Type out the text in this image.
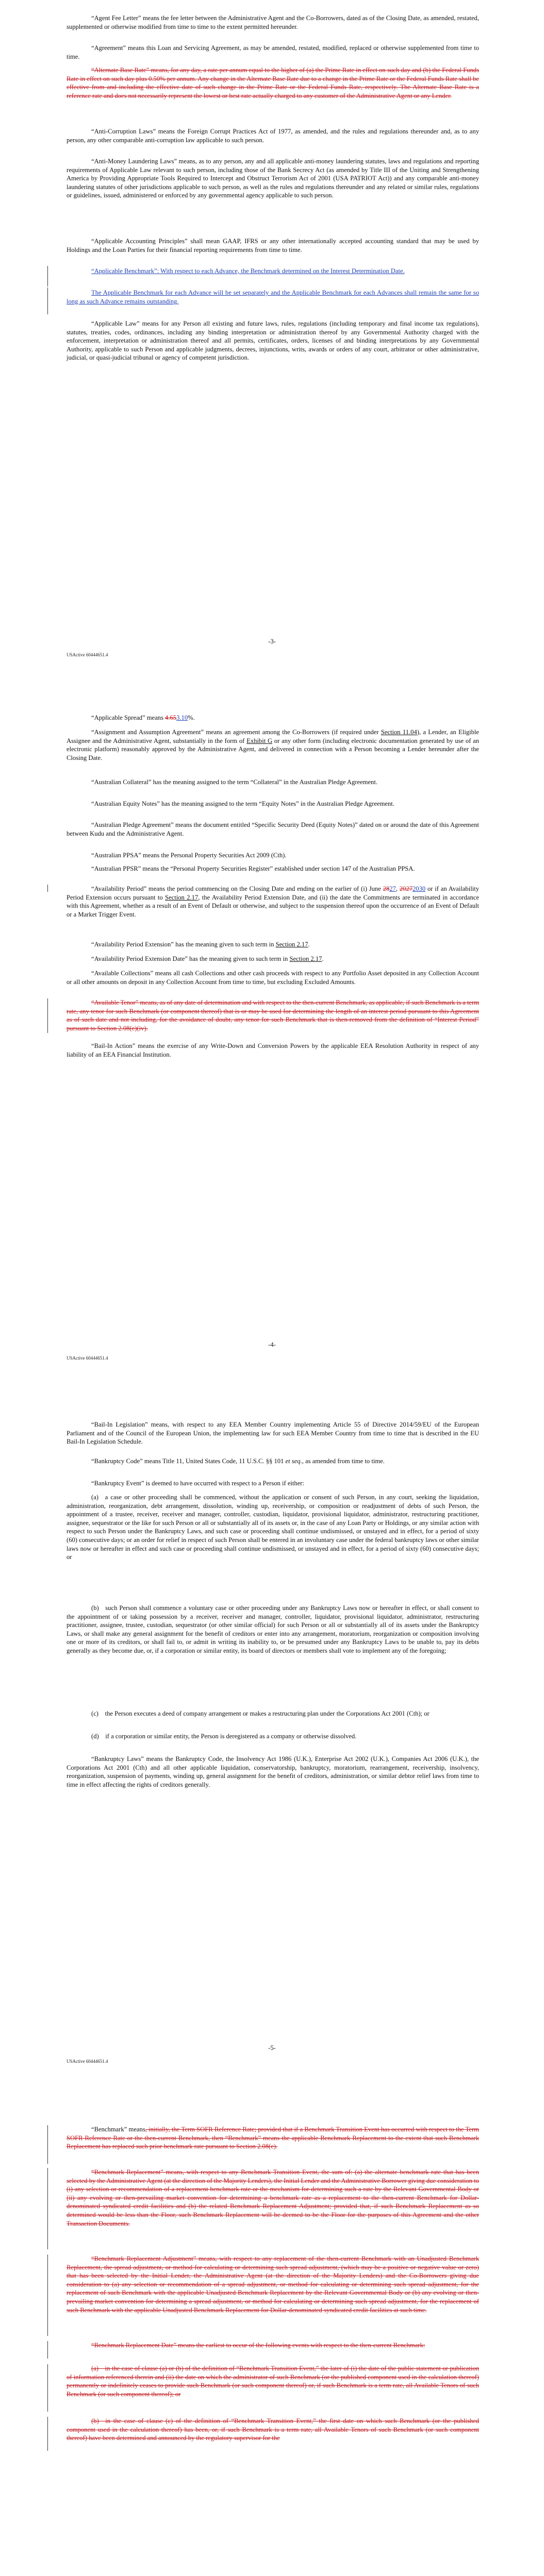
“Agent Fee Letter” means the fee letter between the Administrative Agent and the Co-Borrowers, dated as of the Closing Date, as amended, restated, supplemented or otherwise modified from time to time to the extent permitted hereunder.

“Agreement” means this Loan and Servicing Agreement, as may be amended, restated, modified, replaced or otherwise supplemented from time to time.

“Alternate Base Rate” means, for any day, a rate per annum equal to the higher of (a) the Prime Rate in effect on such day and (b) the Federal Funds Rate in effect on such day plus 0.50% per annum. Any change in the Alternate Base Rate due to a change in the Prime Rate or the Federal Funds Rate shall be effective from and including the effective date of such change in the Prime Rate or the Federal Funds Rate, respectively. The Alternate Base Rate is a reference rate and does not necessarily represent the lowest or best rate actually charged to any customer of the Administrative Agent or any Lender.

“Anti-Corruption Laws” means the Foreign Corrupt Practices Act of 1977, as amended, and the rules and regulations thereunder and, as to any person, any other comparable anti-corruption law applicable to such person.

“Anti-Money Laundering Laws” means, as to any person, any and all applicable anti-money laundering statutes, laws and regulations and reporting requirements of Applicable Law relevant to such person, including those of the Bank Secrecy Act (as amended by Title III of the Uniting and Strengthening America by Providing Appropriate Tools Required to Intercept and Obstruct Terrorism Act of 2001 (USA PATRIOT Act)) and any comparable anti-money laundering statutes of other jurisdictions applicable to such person, as well as the rules and regulations thereunder and any related or similar rules, regulations or guidelines, issued, administered or enforced by any governmental agency applicable to such person.

“Applicable Accounting Principles” shall mean GAAP, IFRS or any other internationally accepted accounting standard that may be used by Holdings and the Loan Parties for their financial reporting requirements from time to time.

“Applicable Benchmark”: With respect to each Advance, the Benchmark determined on the Interest Determination Date.

The Applicable Benchmark for each Advance will be set separately and the Applicable Benchmark for each Advances shall remain the same for so long as such Advance remains outstanding.

“Applicable Law” means for any Person all existing and future laws, rules, regulations (including temporary and final income tax regulations), statutes, treaties, codes, ordinances, including any binding interpretation or administration thereof by any Governmental Authority charged with the enforcement, interpretation or administration thereof and all permits, certificates, orders, licenses of and binding interpretations by any Governmental Authority, applicable to such Person and applicable judgments, decrees, injunctions, writs, awards or orders of any court, arbitrator or other administrative, judicial, or quasi-judicial tribunal or agency of competent jurisdiction.

-3-
USActive 60444651.4

“Applicable Spread” means 4.653.10%.

“Assignment and Assumption Agreement” means an agreement among the Co-Borrowers (if required under Section 11.04), a Lender, an Eligible Assignee and the Administrative Agent, substantially in the form of Exhibit G or any other form (including electronic documentation generated by use of an electronic platform) reasonably approved by the Administrative Agent, and delivered in connection with a Person becoming a Lender hereunder after the Closing Date.

“Australian Collateral” has the meaning assigned to the term “Collateral” in the Australian Pledge Agreement.

“Australian Equity Notes” has the meaning assigned to the term “Equity Notes” in the Australian Pledge Agreement.

“Australian Pledge Agreement” means the document entitled “Specific Security Deed (Equity Notes)” dated on or around the date of this Agreement between Kudu and the Administrative Agent.

“Australian PPSA” means the Personal Property Securities Act 2009 (Cth).

“Australian PPSR” means the “Personal Property Securities Register” established under section 147 of the Australian PPSA.

“Availability Period” means the period commencing on the Closing Date and ending on the earlier of (i) June 2827, 20272030 or if an Availability Period Extension occurs pursuant to Section 2.17, the Availability Period Extension Date, and (ii) the date the Commitments are terminated in accordance with this Agreement, whether as a result of an Event of Default or otherwise, and subject to the suspension thereof upon the occurrence of an Event of Default or a Market Trigger Event.

“Availability Period Extension” has the meaning given to such term in Section 2.17.

“Availability Period Extension Date” has the meaning given to such term in Section 2.17.

“Available Collections” means all cash Collections and other cash proceeds with respect to any Portfolio Asset deposited in any Collection Account or all other amounts on deposit in any Collection Account from time to time, but excluding Excluded Amounts.

“Available Tenor” means, as of any date of determination and with respect to the then-current Benchmark, as applicable, if such Benchmark is a term rate, any tenor for such Benchmark (or component thereof) that is or may be used for determining the length of an interest period pursuant to this Agreement as of such date and not including, for the avoidance of doubt, any tenor for such Benchmark that is then-removed from the definition of “Interest Period” pursuant to Section 2.08(e)(iv).

“Bail-In Action” means the exercise of any Write-Down and Conversion Powers by the applicable EEA Resolution Authority in respect of any liability of an EEA Financial Institution.

-4-
USActive 60444651.4

“Bail-In Legislation” means, with respect to any EEA Member Country implementing Article 55 of Directive 2014/59/EU of the European Parliament and of the Council of the European Union, the implementing law for such EEA Member Country from time to time that is described in the EU Bail-In Legislation Schedule.

“Bankruptcy Code” means Title 11, United States Code, 11 U.S.C. §§ 101 et seq., as amended from time to time.

“Bankruptcy Event” is deemed to have occurred with respect to a Person if either:

(a) a case or other proceeding shall be commenced, without the application or consent of such Person, in any court, seeking the liquidation, administration, reorganization, debt arrangement, dissolution, winding up, receivership, or composition or readjustment of debts of such Person, the appointment of a trustee, receiver, receiver and manager, controller, custodian, liquidator, provisional liquidator, administrator, restructuring practitioner, assignee, sequestrator or the like for such Person or all or substantially all of its assets or, in the case of any Loan Party or Holdings, or any similar action with respect to such Person under the Bankruptcy Laws, and such case or proceeding shall continue undismissed, or unstayed and in effect, for a period of sixty (60) consecutive days; or an order for relief in respect of such Person shall be entered in an involuntary case under the federal bankruptcy laws or other similar laws now or hereafter in effect and such case or proceeding shall continue undismissed, or unstayed and in effect, for a period of sixty (60) consecutive days; or

(b) such Person shall commence a voluntary case or other proceeding under any Bankruptcy Laws now or hereafter in effect, or shall consent to the appointment of or taking possession by a receiver, receiver and manager, controller, liquidator, provisional liquidator, administrator, restructuring practitioner, assignee, trustee, custodian, sequestrator (or other similar official) for such Person or all or substantially all of its assets under the Bankruptcy Laws, or shall make any general assignment for the benefit of creditors or enter into any arrangement, moratorium, reorganization or composition involving one or more of its creditors, or shall fail to, or admit in writing its inability to, or be presumed under any Bankruptcy Laws to be unable to, pay its debts generally as they become due, or, if a corporation or similar entity, its board of directors or members shall vote to implement any of the foregoing;

(c) the Person executes a deed of company arrangement or makes a restructuring plan under the Corporations Act 2001 (Cth); or

(d) if a corporation or similar entity, the Person is deregistered as a company or otherwise dissolved.

“Bankruptcy Laws” means the Bankruptcy Code, the Insolvency Act 1986 (U.K.), Enterprise Act 2002 (U.K.), Companies Act 2006 (U.K.), the Corporations Act 2001 (Cth) and all other applicable liquidation, conservatorship, bankruptcy, moratorium, rearrangement, receivership, insolvency, reorganization, suspension of payments, winding up, general assignment for the benefit of creditors, administration, or similar debtor relief laws from time to time in effect affecting the rights of creditors generally.

-5-
USActive 60444651.4

“Benchmark” means, initially, the Term SOFR Reference Rate; provided that if a Benchmark Transition Event has occurred with respect to the Term SOFR Reference Rate or the then-current Benchmark, then “Benchmark” means the applicable Benchmark Replacement to the extent that such Benchmark Replacement has replaced such prior benchmark rate pursuant to Section 2.08(e).

“Benchmark Replacement” means, with respect to any Benchmark Transition Event, the sum of: (a) the alternate benchmark rate that has been selected by the Administrative Agent (at the direction of the Majority Lenders), the Initial Lender and the Administrative Borrower giving due consideration to (i) any selection or recommendation of a replacement benchmark rate or the mechanism for determining such a rate by the Relevant Governmental Body or (ii) any evolving or then-prevailing market convention for determining a benchmark rate as a replacement to the then-current Benchmark for Dollar-denominated syndicated credit facilities and (b) the related Benchmark Replacement Adjustment; provided that, if such Benchmark Replacement as so determined would be less than the Floor, such Benchmark Replacement will be deemed to be the Floor for the purposes of this Agreement and the other Transaction Documents.

“Benchmark Replacement Adjustment” means, with respect to any replacement of the then-current Benchmark with an Unadjusted Benchmark Replacement, the spread adjustment, or method for calculating or determining such spread adjustment, (which may be a positive or negative value or zero) that has been selected by the Initial Lender, the Administrative Agent (at the direction of the Majority Lenders) and the Co-Borrowers giving due consideration to (a) any selection or recommendation of a spread adjustment, or method for calculating or determining such spread adjustment, for the replacement of such Benchmark with the applicable Unadjusted Benchmark Replacement by the Relevant Governmental Body or (b) any evolving or then-prevailing market convention for determining a spread adjustment, or method for calculating or determining such spread adjustment, for the replacement of such Benchmark with the applicable Unadjusted Benchmark Replacement for Dollar-denominated syndicated credit facilities at such time.

“Benchmark Replacement Date” means the earliest to occur of the following events with respect to the then-current Benchmark:

(a) in the case of clause (a) or (b) of the definition of “Benchmark Transition Event,” the later of (i) the date of the public statement or publication of information referenced therein and (ii) the date on which the administrator of such Benchmark (or the published component used in the calculation thereof) permanently or indefinitely ceases to provide such Benchmark (or such component thereof) or, if such Benchmark is a term rate, all Available Tenors of such Benchmark (or such component thereof); or

(b) in the case of clause (c) of the definition of “Benchmark Transition Event,” the first date on which such Benchmark (or the published component used in the calculation thereof) has been, or, if such Benchmark is a term rate, all Available Tenors of such Benchmark (or such component thereof) have been determined and announced by the regulatory supervisor for the
